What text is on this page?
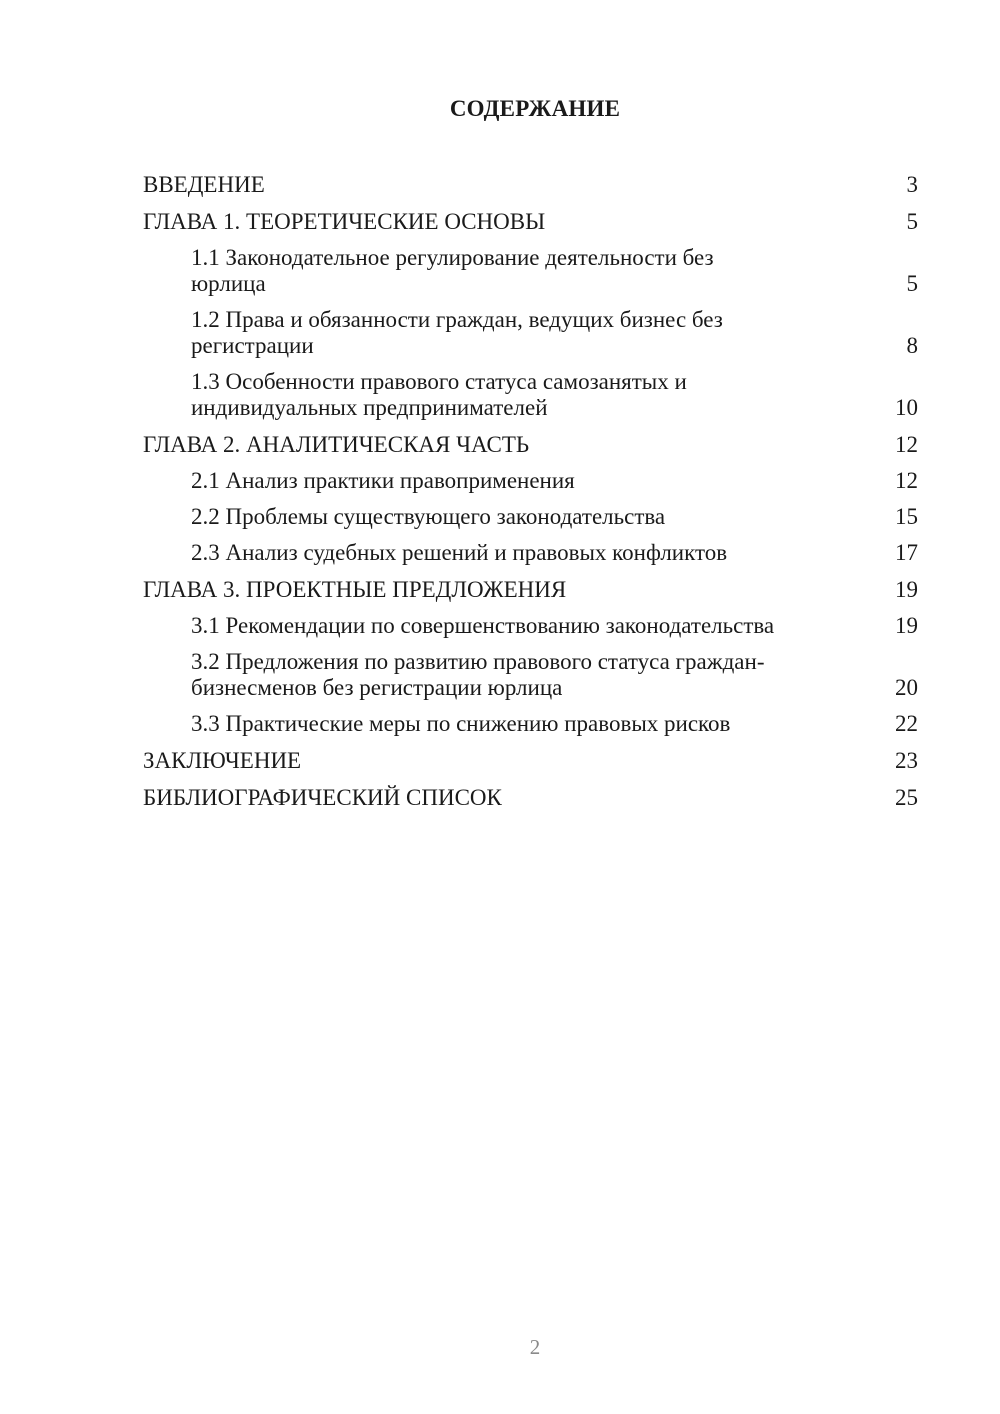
СОДЕРЖАНИЕ
ВВЕДЕНИЕ	3
ГЛАВА 1. ТЕОРЕТИЧЕСКИЕ ОСНОВЫ	5
1.1 Законодательное регулирование деятельности без юрлица	5
1.2 Права и обязанности граждан, ведущих бизнес без регистрации	8
1.3 Особенности правового статуса самозанятых и индивидуальных предпринимателей	10
ГЛАВА 2. АНАЛИТИЧЕСКАЯ ЧАСТЬ	12
2.1 Анализ практики правоприменения	12
2.2 Проблемы существующего законодательства	15
2.3 Анализ судебных решений и правовых конфликтов	17
ГЛАВА 3. ПРОЕКТНЫЕ ПРЕДЛОЖЕНИЯ	19
3.1 Рекомендации по совершенствованию законодательства	19
3.2 Предложения по развитию правового статуса граждан-бизнесменов без регистрации юрлица	20
3.3 Практические меры по снижению правовых рисков	22
ЗАКЛЮЧЕНИЕ	23
БИБЛИОГРАФИЧЕСКИЙ СПИСОК	25
2
